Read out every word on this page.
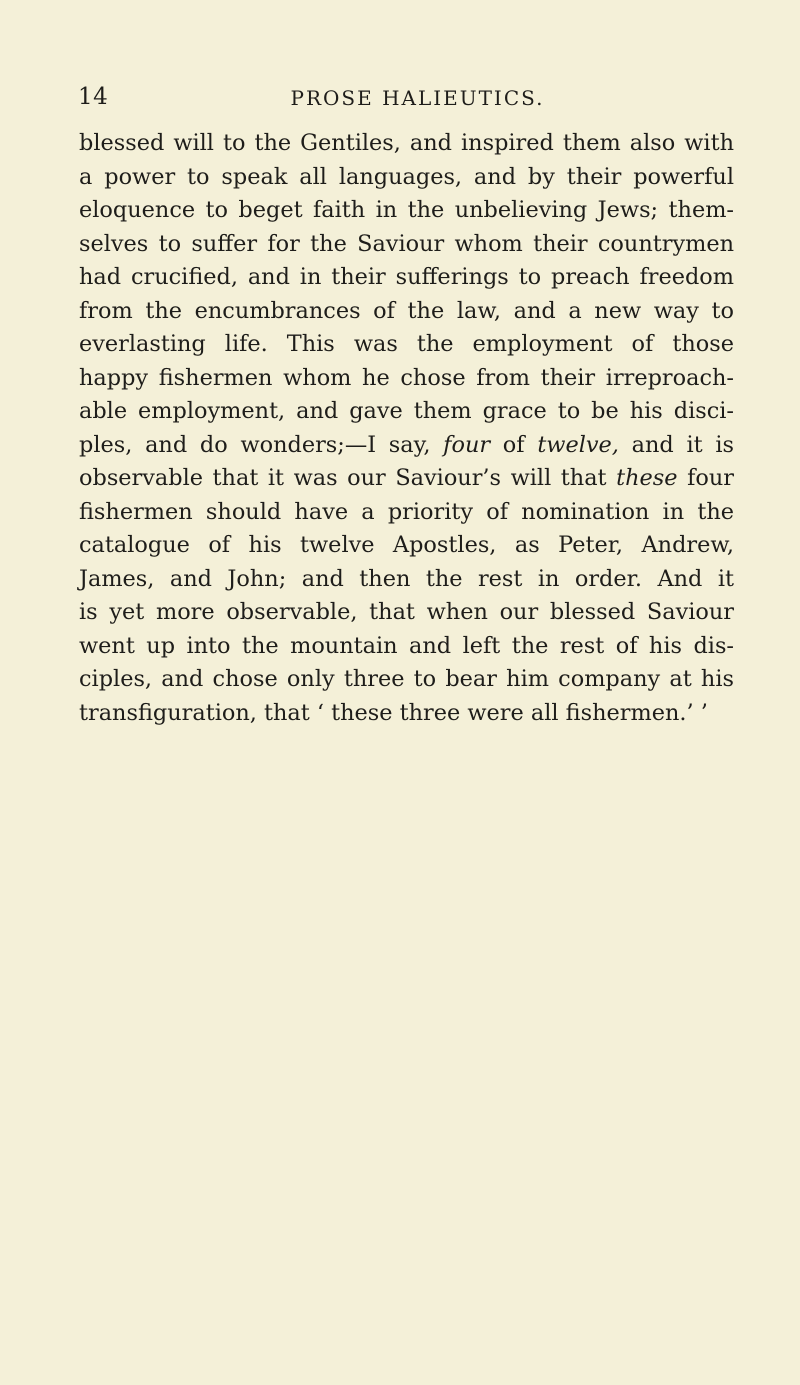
14	PROSE HALIEUTICS.
blessed will to the Gentiles, and inspired them also with
a power to speak all languages, and by their powerful
eloquence to beget faith in the unbelieving Jews; them-
selves to suffer for the Saviour whom their countrymen
had crucified, and in their sufferings to preach freedom
from the encumbrances of the law, and a new way to
everlasting life. This was the employment of those
happy fishermen whom he chose from their irreproach-
able employment, and gave them grace to be his disci-
ples, and do wonders;—I say, four of twelve, and it is
observable that it was our Saviour’s will that these four
fishermen should have a priority of nomination in the
catalogue of his twelve Apostles, as Peter, Andrew,
James, and John; and then the rest in order. And it
is yet more observable, that when our blessed Saviour
went up into the mountain and left the rest of his dis-
ciples, and chose only three to bear him company at his
transfiguration, that ‘ these three were all fishermen.’ ’
